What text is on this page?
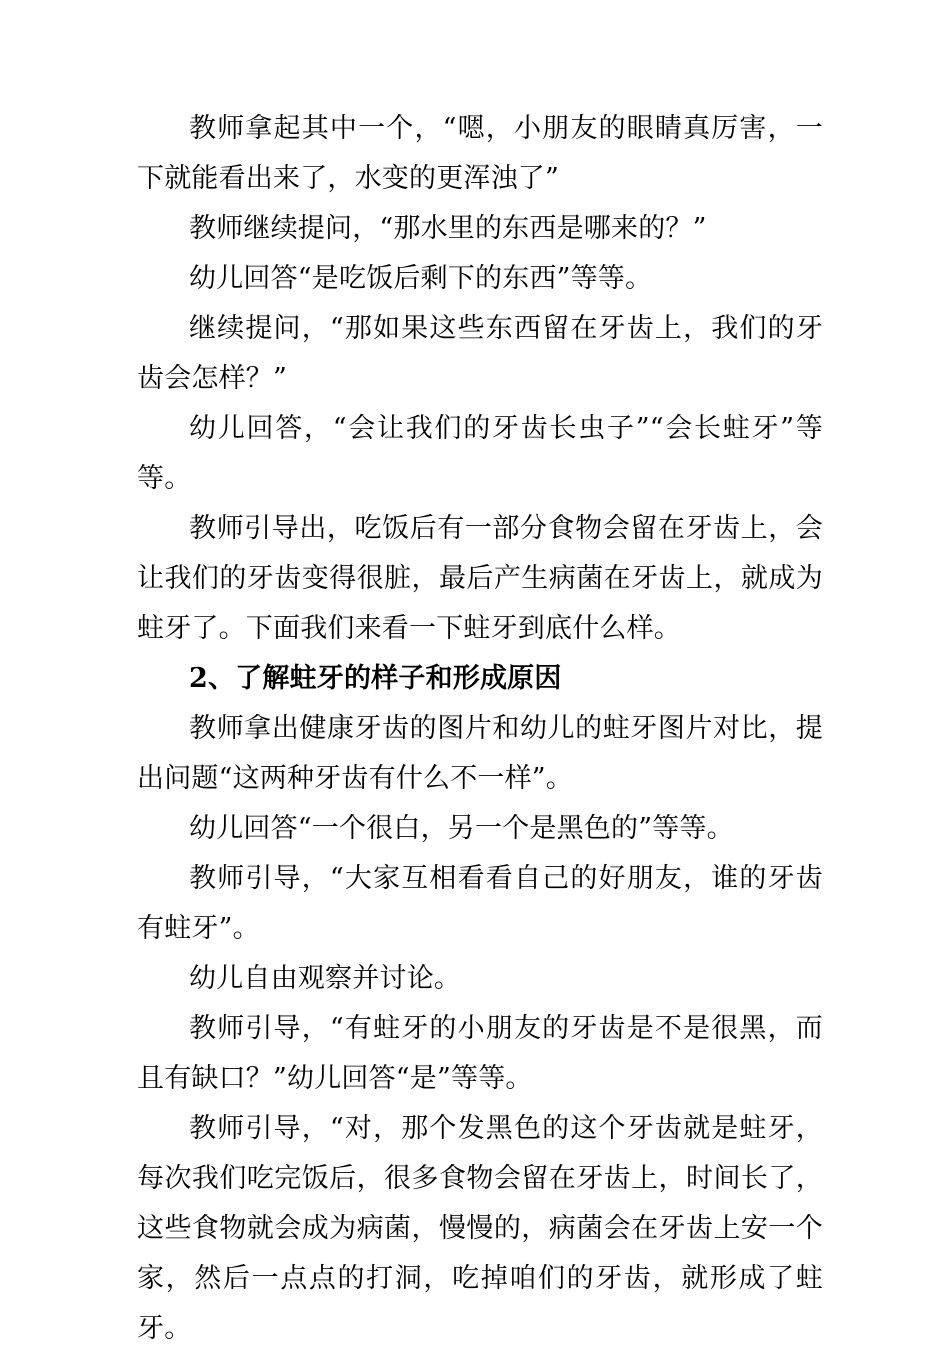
教师拿起其中一个，“嗯，小朋友的眼睛真厉害，一下就能看出来了，水变的更浑浊了”

教师继续提问，“那水里的东西是哪来的？”

幼儿回答“是吃饭后剩下的东西”等等。

继续提问，“那如果这些东西留在牙齿上，我们的牙齿会怎样？”

幼儿回答，“会让我们的牙齿长虫子”“会长蛀牙”等等。

教师引导出，吃饭后有一部分食物会留在牙齿上，会让我们的牙齿变得很脏，最后产生病菌在牙齿上，就成为蛀牙了。下面我们来看一下蛀牙到底什么样。

2、了解蛀牙的样子和形成原因

教师拿出健康牙齿的图片和幼儿的蛀牙图片对比，提出问题“这两种牙齿有什么不一样”。

幼儿回答“一个很白，另一个是黑色的”等等。

教师引导，“大家互相看看自己的好朋友，谁的牙齿有蛀牙”。

幼儿自由观察并讨论。

教师引导，“有蛀牙的小朋友的牙齿是不是很黑，而且有缺口？”幼儿回答“是”等等。

教师引导，“对，那个发黑色的这个牙齿就是蛀牙，每次我们吃完饭后，很多食物会留在牙齿上，时间长了，这些食物就会成为病菌，慢慢的，病菌会在牙齿上安一个家，然后一点点的打洞，吃掉咱们的牙齿，就形成了蛀牙。
